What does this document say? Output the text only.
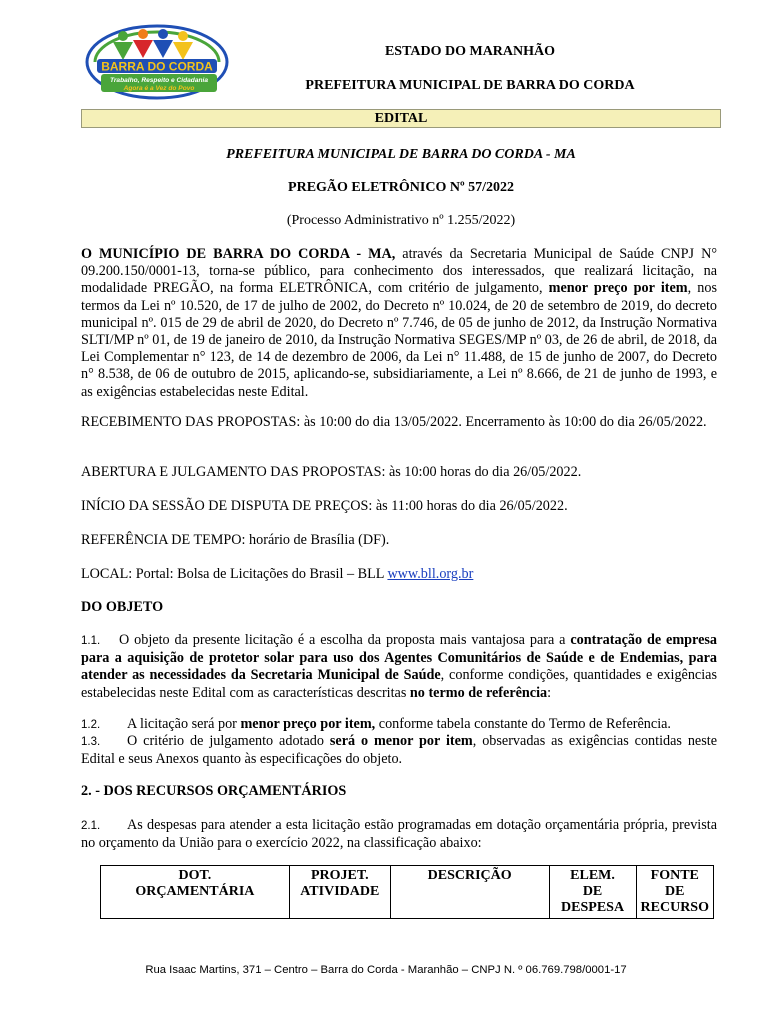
BARRA DO CORDA
Trabalho, Respeito e Cidadania
Agora é a Vez do Povo
ESTADO DO MARANHÃO
PREFEITURA MUNICIPAL DE BARRA DO CORDA
EDITAL
PREFEITURA MUNICIPAL DE BARRA DO CORDA - MA
PREGÃO ELETRÔNICO Nº 57/2022
(Processo Administrativo nº 1.255/2022)
O MUNICÍPIO DE BARRA DO CORDA - MA, através da Secretaria Municipal de Saúde CNPJ N° 09.200.150/0001-13, torna-se público, para conhecimento dos interessados, que realizará licitação, na modalidade PREGÃO, na forma ELETRÔNICA, com critério de julgamento, menor preço por item, nos termos da Lei nº 10.520, de 17 de julho de 2002, do Decreto nº 10.024, de 20 de setembro de 2019, do decreto municipal nº. 015 de 29 de abril de 2020, do Decreto nº 7.746, de 05 de junho de 2012, da Instrução Normativa SLTI/MP nº 01, de 19 de janeiro de 2010, da Instrução Normativa SEGES/MP nº 03, de 26 de abril, de 2018, da Lei Complementar n° 123, de 14 de dezembro de 2006, da Lei n° 11.488, de 15 de junho de 2007, do Decreto n° 8.538, de 06 de outubro de 2015, aplicando-se, subsidiariamente, a Lei nº 8.666, de 21 de junho de 1993, e as exigências estabelecidas neste Edital.
RECEBIMENTO DAS PROPOSTAS: às 10:00 do dia 13/05/2022. Encerramento às 10:00 do dia 26/05/2022.
ABERTURA E JULGAMENTO DAS PROPOSTAS: às 10:00 horas do dia 26/05/2022.
INÍCIO DA SESSÃO DE DISPUTA DE PREÇOS: às 11:00 horas do dia 26/05/2022.
REFERÊNCIA DE TEMPO: horário de Brasília (DF).
LOCAL: Portal: Bolsa de Licitações do Brasil – BLL www.bll.org.br
DO OBJETO
1.1. O objeto da presente licitação é a escolha da proposta mais vantajosa para a contratação de empresa para a aquisição de protetor solar para uso dos Agentes Comunitários de Saúde e de Endemias, para atender as necessidades da Secretaria Municipal de Saúde, conforme condições, quantidades e exigências estabelecidas neste Edital com as características descritas no termo de referência:
1.2. A licitação será por menor preço por item, conforme tabela constante do Termo de Referência.
1.3. O critério de julgamento adotado será o menor por item, observadas as exigências contidas neste Edital e seus Anexos quanto às especificações do objeto.
2. - DOS RECURSOS ORÇAMENTÁRIOS
2.1. As despesas para atender a esta licitação estão programadas em dotação orçamentária própria, prevista no orçamento da União para o exercício 2022, na classificação abaixo:
DOT.
ORÇAMENTÁRIA	PROJET.
ATIVIDADE	DESCRIÇÃO	ELEM.
DE
DESPESA	FONTE DE
RECURSO
Rua Isaac Martins, 371 – Centro – Barra do Corda - Maranhão – CNPJ N. º 06.769.798/0001-17
